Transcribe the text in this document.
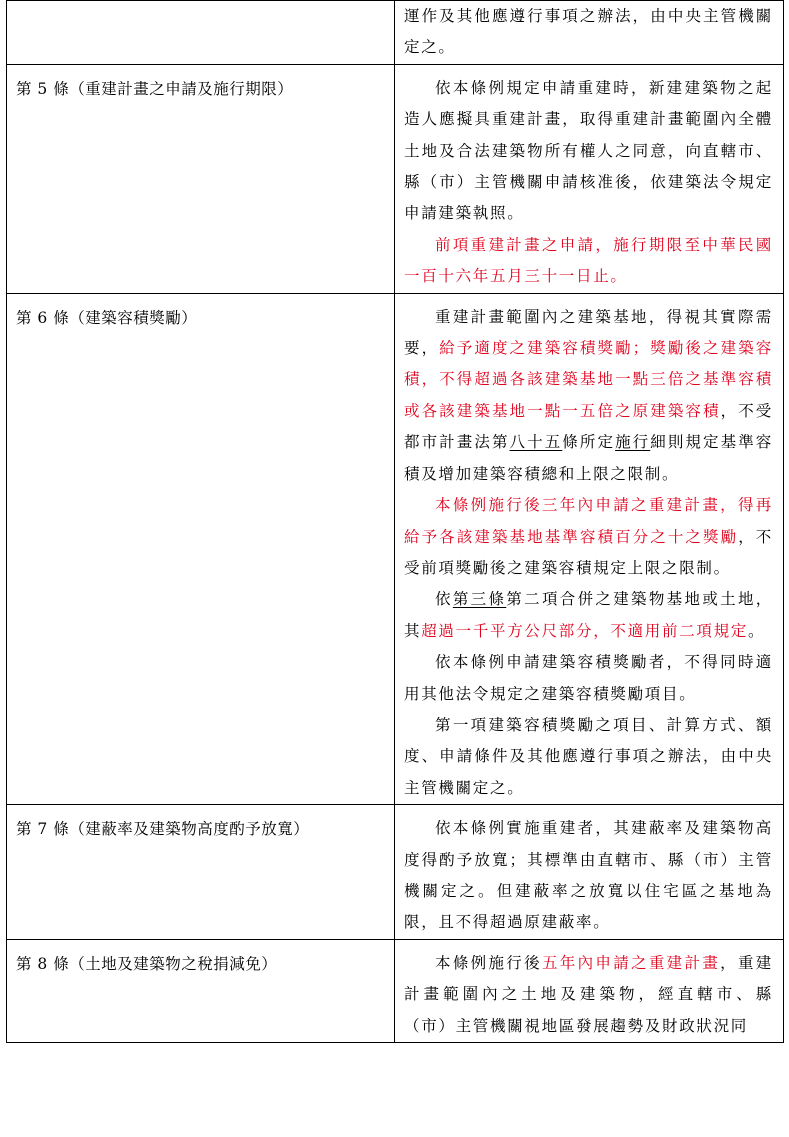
	運作及其他應遵行事項之辦法，由中央主管機關定之。

第 5 條（重建計畫之申請及施行期限）	依本條例規定申請重建時，新建建築物之起造人應擬具重建計畫，取得重建計畫範圍內全體土地及合法建築物所有權人之同意，向直轄市、縣（市）主管機關申請核准後，依建築法令規定申請建築執照。

前項重建計畫之申請，施行期限至中華民國一百十六年五月三十一日止。

第 6 條（建築容積獎勵）	重建計畫範圍內之建築基地，得視其實際需要，給予適度之建築容積獎勵；獎勵後之建築容積，不得超過各該建築基地一點三倍之基準容積或各該建築基地一點一五倍之原建築容積，不受都市計畫法第八十五條所定施行細則規定基準容積及增加建築容積總和上限之限制。

本條例施行後三年內申請之重建計畫，得再給予各該建築基地基準容積百分之十之獎勵，不受前項獎勵後之建築容積規定上限之限制。

依第三條第二項合併之建築物基地或土地，其超過一千平方公尺部分，不適用前二項規定。

依本條例申請建築容積獎勵者，不得同時適用其他法令規定之建築容積獎勵項目。

第一項建築容積獎勵之項目、計算方式、額度、申請條件及其他應遵行事項之辦法，由中央主管機關定之。

第 7 條（建蔽率及建築物高度酌予放寬）	依本條例實施重建者，其建蔽率及建築物高度得酌予放寬；其標準由直轄市、縣（市）主管機關定之。但建蔽率之放寬以住宅區之基地為限，且不得超過原建蔽率。

第 8 條（土地及建築物之稅捐減免）	本條例施行後五年內申請之重建計畫，重建計畫範圍內之土地及建築物，經直轄市、縣（市）主管機關視地區發展趨勢及財政狀況同
